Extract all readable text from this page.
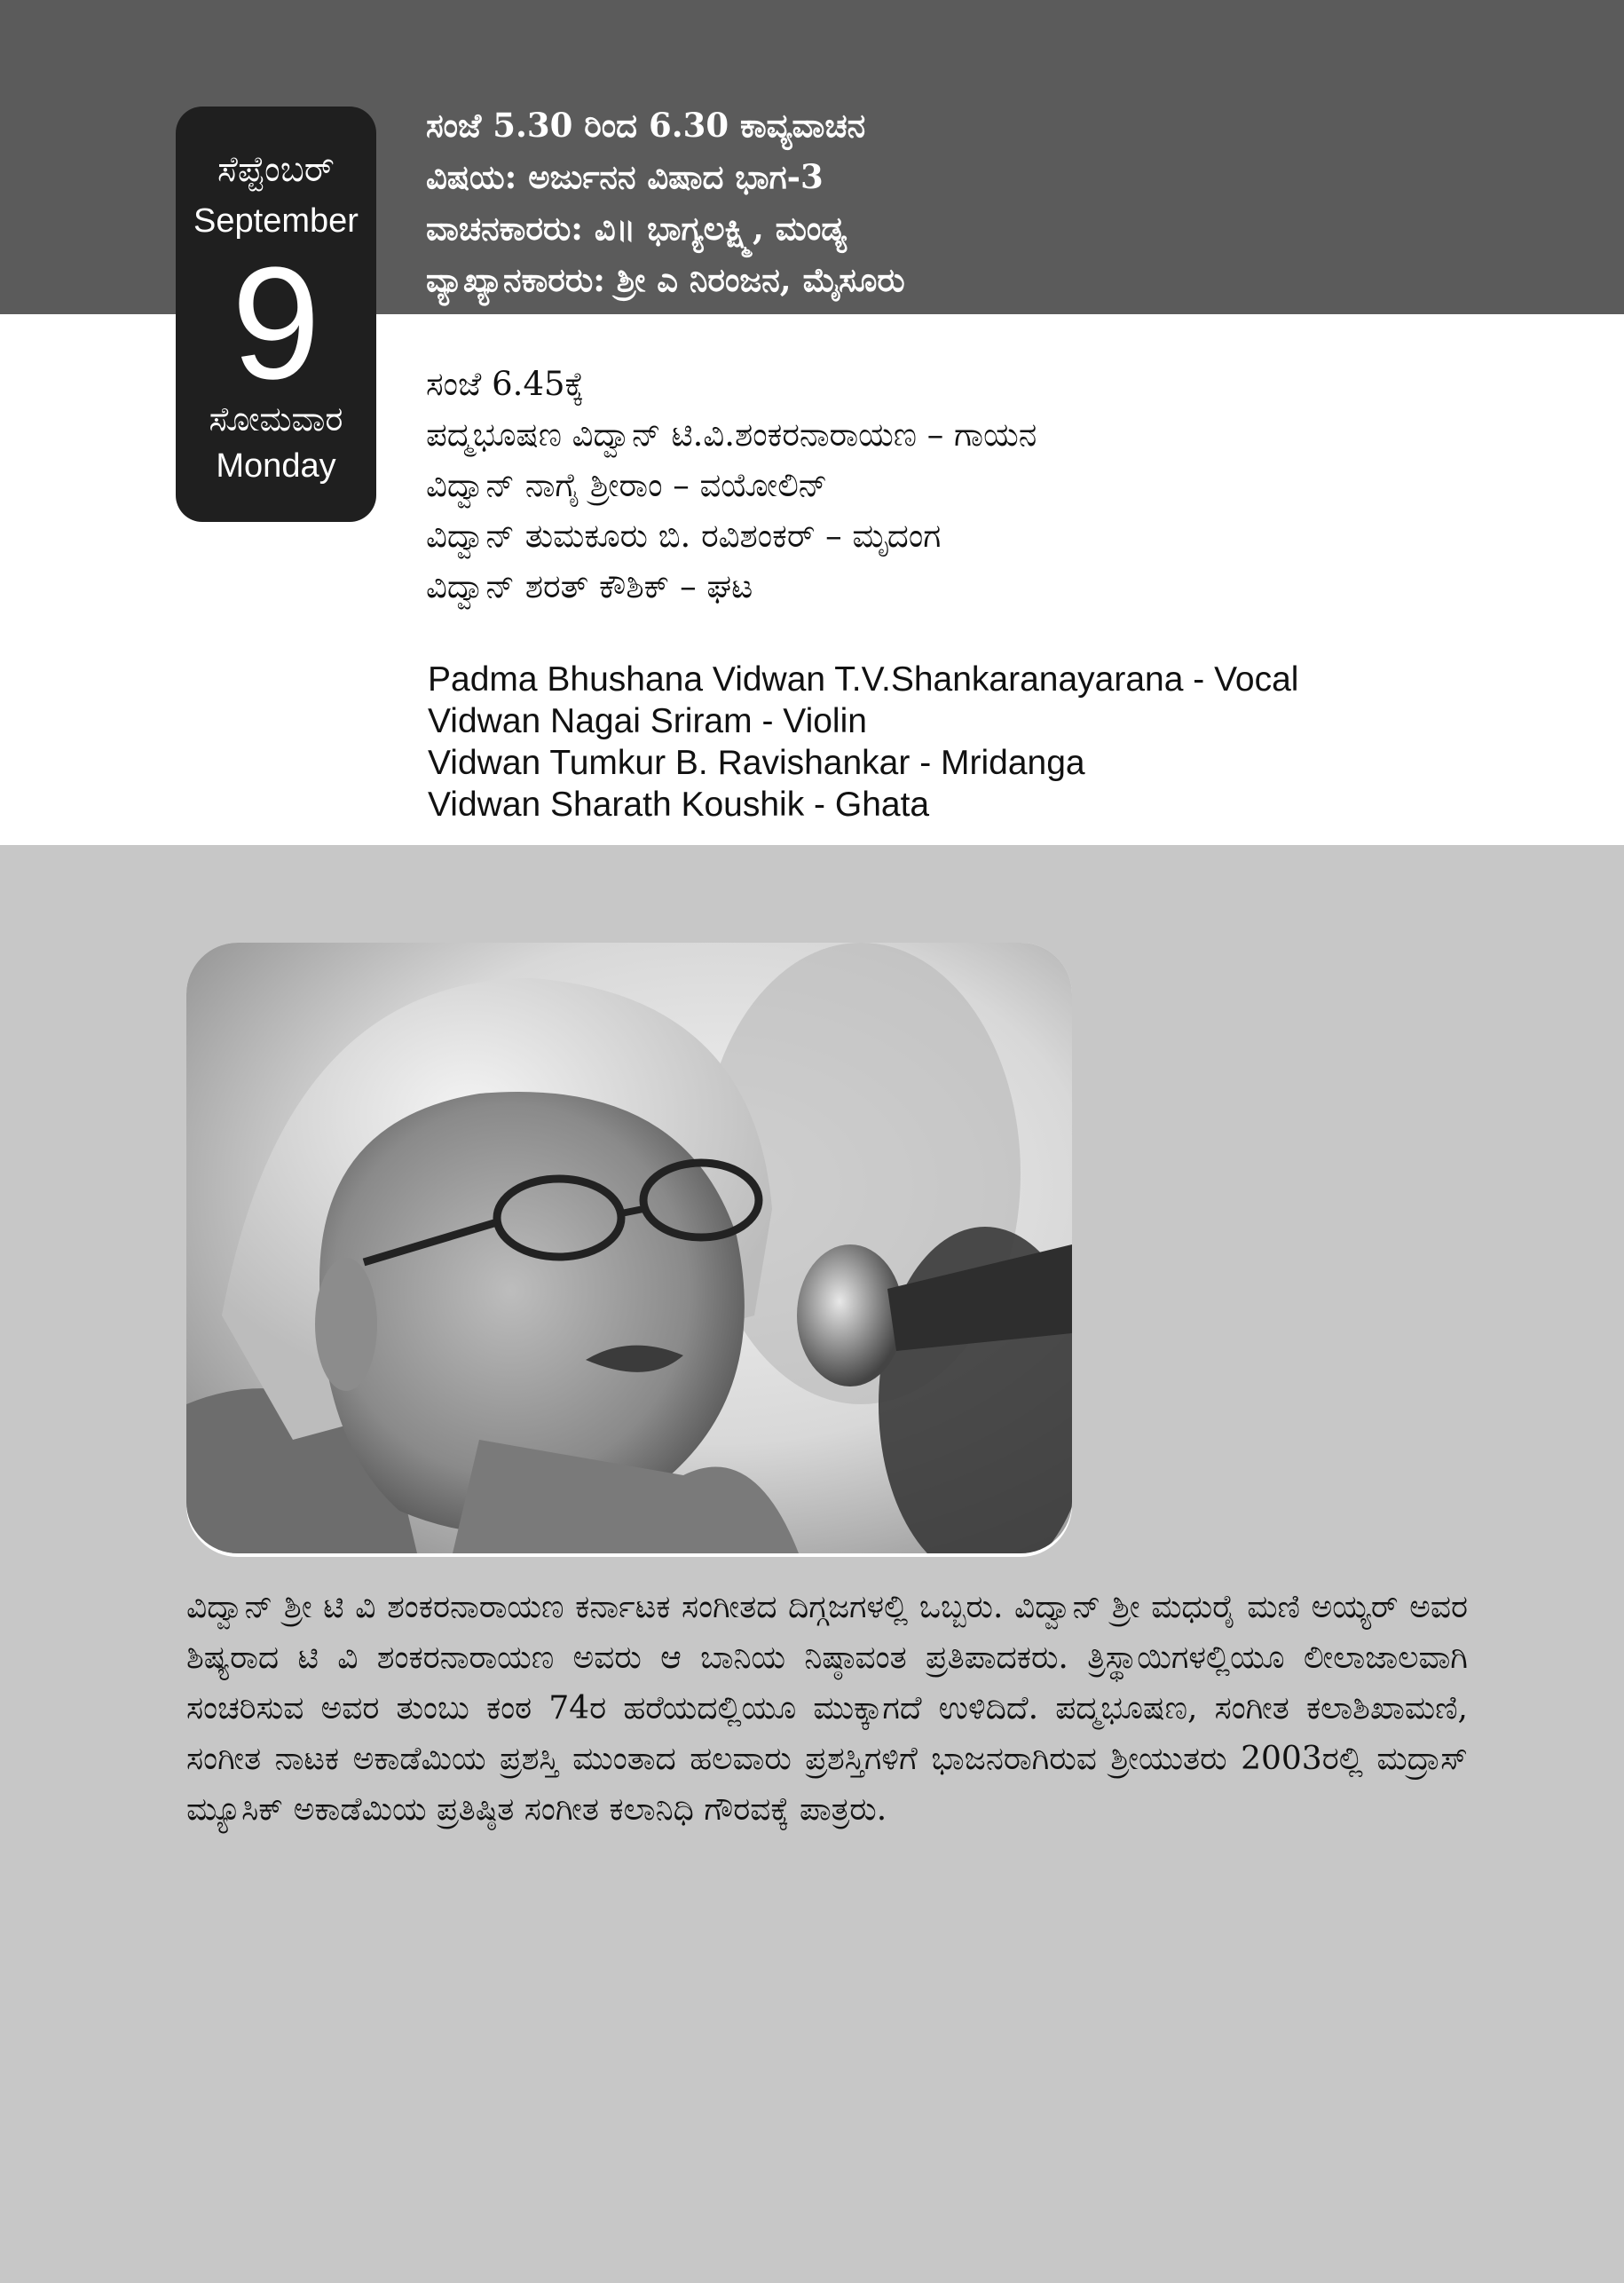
ಸೆಪ್ಟೆಂಬರ್
September
9
ಸೋಮವಾರ
Monday
ಸಂಜೆ 5.30 ರಿಂದ 6.30 ಕಾವ್ಯವಾಚನ
ವಿಷಯ: ಅರ್ಜುನನ ವಿಷಾದ ಭಾಗ-3
ವಾಚನಕಾರರು: ವಿ॥ ಭಾಗ್ಯಲಕ್ಷ್ಮಿ, ಮಂಡ್ಯ
ವ್ಯಾಖ್ಯಾನಕಾರರು: ಶ್ರೀ ಎ ನಿರಂಜನ, ಮೈಸೂರು
ಸಂಜೆ 6.45ಕ್ಕೆ
ಪದ್ಮಭೂಷಣ ವಿದ್ವಾನ್ ಟಿ.ವಿ.ಶಂಕರನಾರಾಯಣ – ಗಾಯನ
ವಿದ್ವಾನ್ ನಾಗೈ ಶ್ರೀರಾಂ – ವಯೋಲಿನ್
ವಿದ್ವಾನ್ ತುಮಕೂರು ಬಿ. ರವಿಶಂಕರ್ – ಮೃದಂಗ
ವಿದ್ವಾನ್ ಶರತ್ ಕೌಶಿಕ್ – ಘಟ
Padma Bhushana Vidwan T.V.Shankaranayarana - Vocal
Vidwan Nagai Sriram - Violin
Vidwan Tumkur B. Ravishankar - Mridanga
Vidwan Sharath Koushik - Ghata
ವಿದ್ವಾನ್ ಶ್ರೀ ಟಿ ವಿ ಶಂಕರನಾರಾಯಣ ಕರ್ನಾಟಕ ಸಂಗೀತದ ದಿಗ್ಗಜಗಳಲ್ಲಿ ಒಬ್ಬರು. ವಿದ್ವಾನ್ ಶ್ರೀ ಮಧುರೈ ಮಣಿ ಅಯ್ಯರ್ ಅವರ ಶಿಷ್ಯರಾದ ಟಿ ವಿ ಶಂಕರನಾರಾಯಣ ಅವರು ಆ ಬಾನಿಯ ನಿಷ್ಠಾವಂತ ಪ್ರತಿಪಾದಕರು. ತ್ರಿಸ್ಥಾಯಿಗಳಲ್ಲಿಯೂ ಲೀಲಾಜಾಲವಾಗಿ ಸಂಚರಿಸುವ ಅವರ ತುಂಬು ಕಂಠ 74ರ ಹರೆಯದಲ್ಲಿಯೂ ಮುಕ್ಕಾಗದೆ ಉಳಿದಿದೆ. ಪದ್ಮಭೂಷಣ, ಸಂಗೀತ ಕಲಾಶಿಖಾಮಣಿ, ಸಂಗೀತ ನಾಟಕ ಅಕಾಡೆಮಿಯ ಪ್ರಶಸ್ತಿ ಮುಂತಾದ ಹಲವಾರು ಪ್ರಶಸ್ತಿಗಳಿಗೆ ಭಾಜನರಾಗಿರುವ ಶ್ರೀಯುತರು 2003ರಲ್ಲಿ ಮದ್ರಾಸ್ ಮ್ಯೂಸಿಕ್ ಅಕಾಡೆಮಿಯ ಪ್ರತಿಷ್ಠಿತ ಸಂಗೀತ ಕಲಾನಿಧಿ ಗೌರವಕ್ಕೆ ಪಾತ್ರರು.
